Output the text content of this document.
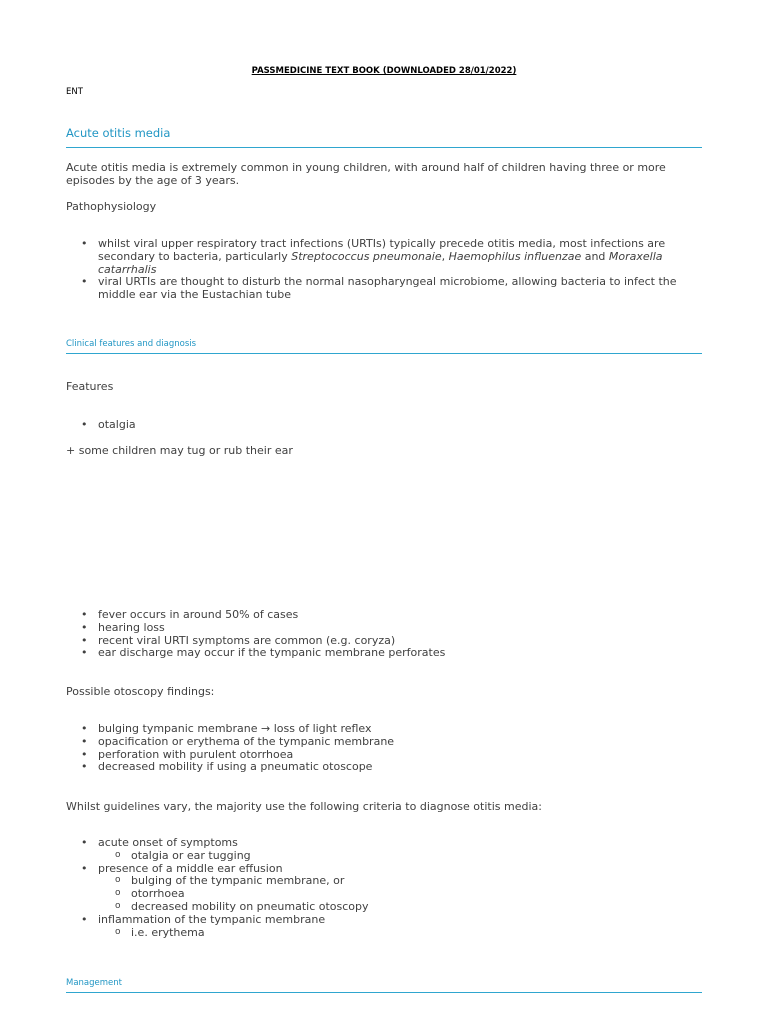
PASSMEDICINE TEXT BOOK (DOWNLOADED 28/01/2022)
ENT
Acute otitis media

Acute otitis media is extremely common in young children, with around half of children having three or more episodes by the age of 3 years.

Pathophysiology

• whilst viral upper respiratory tract infections (URTIs) typically precede otitis media, most infections are secondary to bacteria, particularly Streptococcus pneumonaie, Haemophilus influenzae and Moraxella catarrhalis
• viral URTIs are thought to disturb the normal nasopharyngeal microbiome, allowing bacteria to infect the middle ear via the Eustachian tube
Clinical features and diagnosis

Features

• otalgia

+ some children may tug or rub their ear

• fever occurs in around 50% of cases
• hearing loss
• recent viral URTI symptoms are common (e.g. coryza)
• ear discharge may occur if the tympanic membrane perforates

Possible otoscopy findings:

• bulging tympanic membrane → loss of light reflex
• opacification or erythema of the tympanic membrane
• perforation with purulent otorrhoea
• decreased mobility if using a pneumatic otoscope

Whilst guidelines vary, the majority use the following criteria to diagnose otitis media:

• acute onset of symptoms
o otalgia or ear tugging
• presence of a middle ear effusion
o bulging of the tympanic membrane, or
o otorrhoea
o decreased mobility on pneumatic otoscopy
• inflammation of the tympanic membrane
o i.e. erythema
Management
